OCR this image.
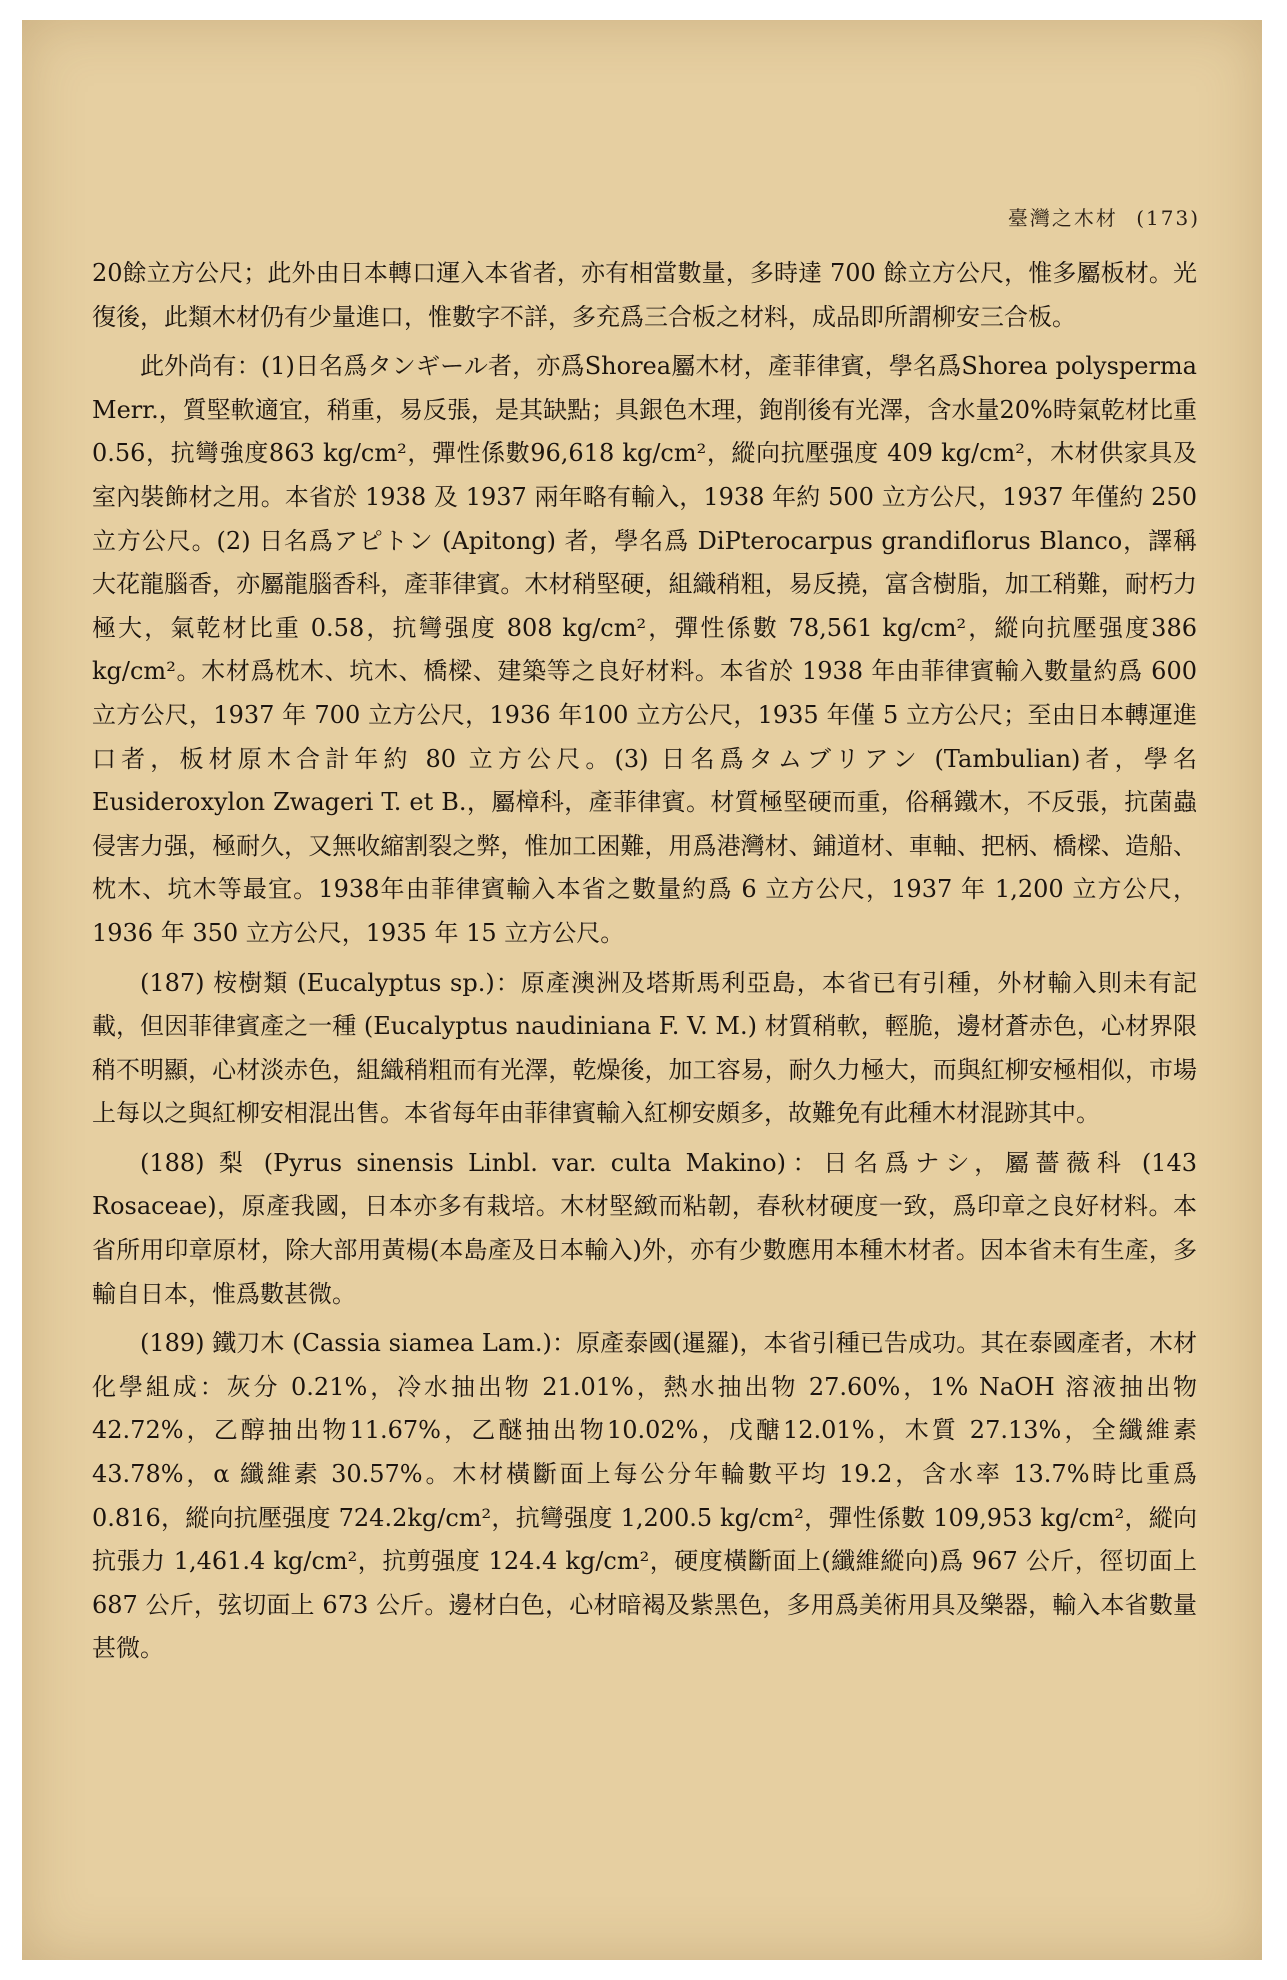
臺灣之木材 (173)

20餘立方公尺；此外由日本轉口運入本省者，亦有相當數量，多時達 700 餘立方公尺，惟多屬板材。光復後，此類木材仍有少量進口，惟數字不詳，多充爲三合板之材料，成品即所謂柳安三合板。

此外尚有：(1)日名爲タンギール者，亦爲Shorea屬木材，產菲律賓，學名爲Shorea polysperma Merr.，質堅軟適宜，稍重，易反張，是其缺點；具銀色木理，鉋削後有光澤，含水量20%時氣乾材比重0.56，抗彎強度863 kg/cm²，彈性係數96,618 kg/cm²，縱向抗壓强度 409 kg/cm²，木材供家具及室內裝飾材之用。本省於 1938 及 1937 兩年略有輸入，1938 年約 500 立方公尺，1937 年僅約 250 立方公尺。(2) 日名爲アピトン (Apitong) 者，學名爲 DiPterocarpus grandiflorus Blanco，譯稱大花龍腦香，亦屬龍腦香科，產菲律賓。木材稍堅硬，組織稍粗，易反撓，富含樹脂，加工稍難，耐朽力極大，氣乾材比重 0.58，抗彎强度 808 kg/cm²，彈性係數 78,561 kg/cm²，縱向抗壓强度386 kg/cm²。木材爲枕木、坑木、橋樑、建築等之良好材料。本省於 1938 年由菲律賓輸入數量約爲 600 立方公尺，1937 年 700 立方公尺，1936 年100 立方公尺，1935 年僅 5 立方公尺；至由日本轉運進口者，板材原木合計年約 80 立方公尺。(3) 日名爲タムブリアン (Tambulian)者，學名 Eusideroxylon Zwageri T. et B.，屬樟科，產菲律賓。材質極堅硬而重，俗稱鐵木，不反張，抗菌蟲侵害力强，極耐久，又無收縮割裂之弊，惟加工困難，用爲港灣材、鋪道材、車軸、把柄、橋樑、造船、枕木、坑木等最宜。1938年由菲律賓輸入本省之數量約爲 6 立方公尺，1937 年 1,200 立方公尺，1936 年 350 立方公尺，1935 年 15 立方公尺。

(187) 桉樹類 (Eucalyptus sp.)：原產澳洲及塔斯馬利亞島，本省已有引種，外材輸入則未有記載，但因菲律賓產之一種 (Eucalyptus naudiniana F. V. M.) 材質稍軟，輕脆，邊材蒼赤色，心材界限稍不明顯，心材淡赤色，組織稍粗而有光澤，乾燥後，加工容易，耐久力極大，而與紅柳安極相似，市場上每以之與紅柳安相混出售。本省每年由菲律賓輸入紅柳安頗多，故難免有此種木材混跡其中。

(188) 梨 (Pyrus sinensis Linbl. var. culta Makino)：日名爲ナシ，屬薔薇科 (143 Rosaceae)，原產我國，日本亦多有栽培。木材堅緻而粘韌，春秋材硬度一致，爲印章之良好材料。本省所用印章原材，除大部用黃楊(本島產及日本輸入)外，亦有少數應用本種木材者。因本省未有生產，多輸自日本，惟爲數甚微。

(189) 鐵刀木 (Cassia siamea Lam.)：原產泰國(暹羅)，本省引種已告成功。其在泰國產者，木材化學組成：灰分 0.21%，冷水抽出物 21.01%，熱水抽出物 27.60%，1% NaOH 溶液抽出物42.72%，乙醇抽出物11.67%，乙醚抽出物10.02%，戊醣12.01%，木質 27.13%，全纖維素 43.78%，α 纖維素 30.57%。木材橫斷面上每公分年輪數平均 19.2，含水率 13.7%時比重爲 0.816，縱向抗壓强度 724.2kg/cm²，抗彎强度 1,200.5 kg/cm²，彈性係數 109,953 kg/cm²，縱向抗張力 1,461.4 kg/cm²，抗剪强度 124.4 kg/cm²，硬度橫斷面上(纖維縱向)爲 967 公斤，徑切面上 687 公斤，弦切面上 673 公斤。邊材白色，心材暗褐及紫黑色，多用爲美術用具及樂器，輸入本省數量甚微。
